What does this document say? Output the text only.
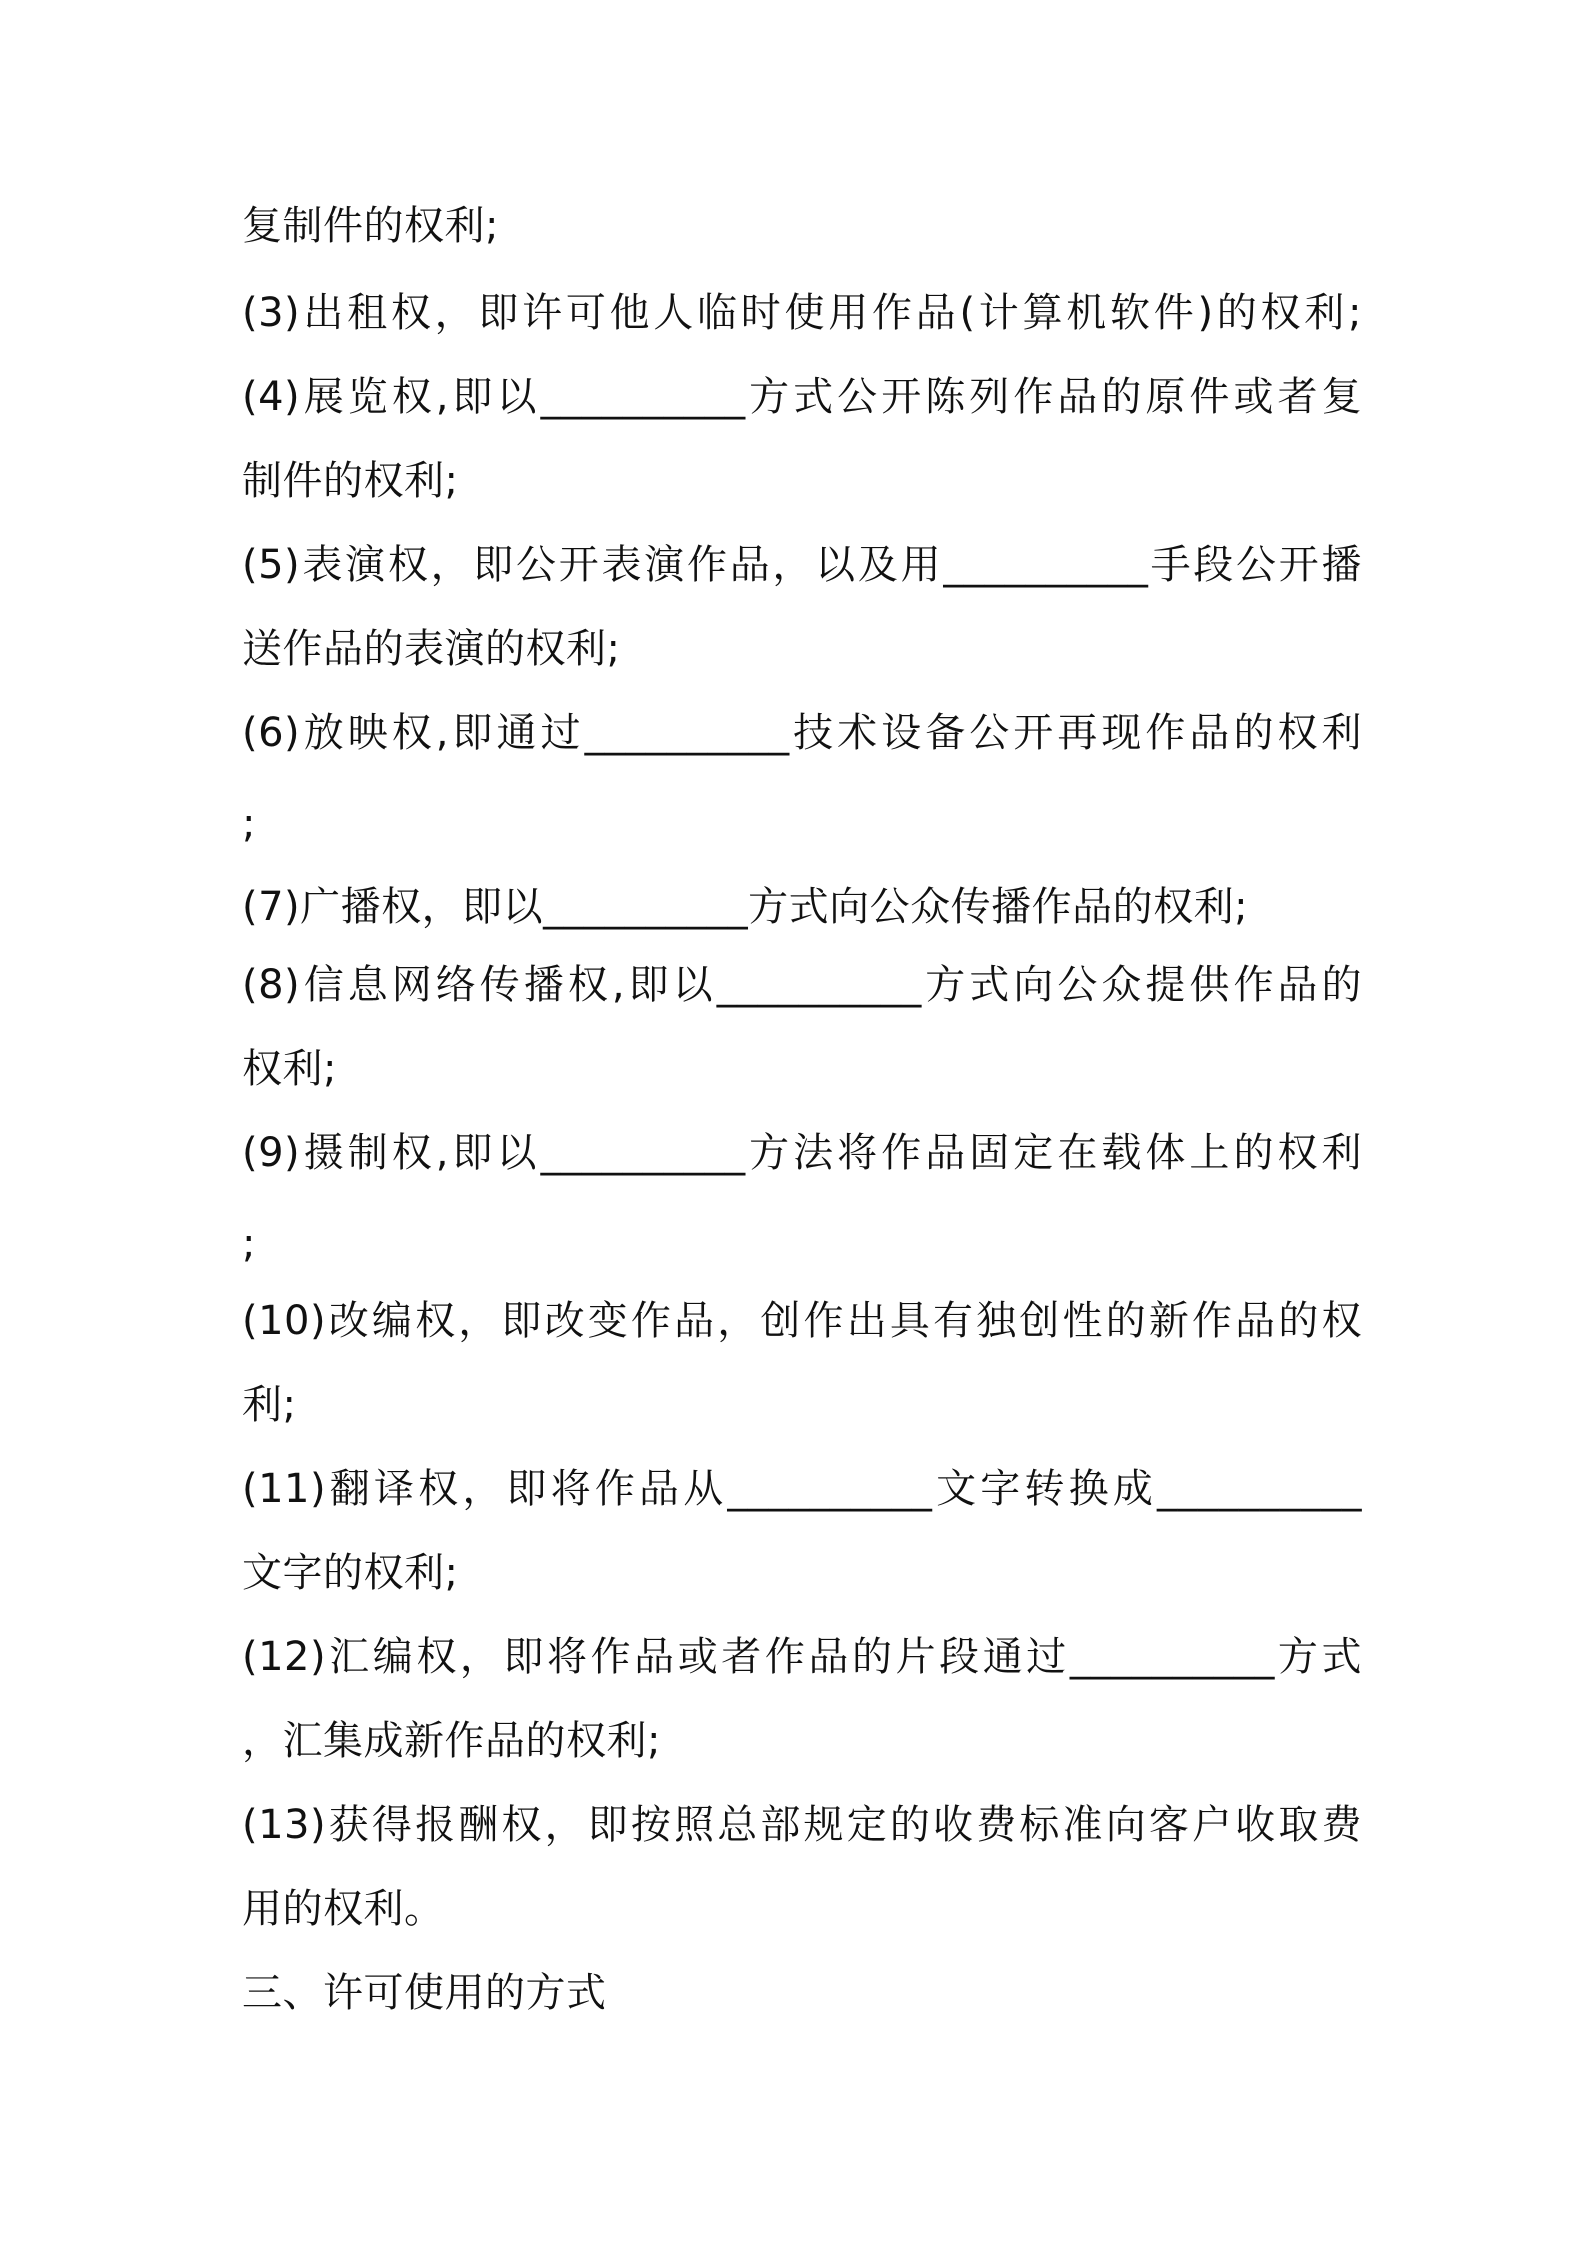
复制件的权利;
(3)出租权，即许可他人临时使用作品(计算机软件)的权利;
(4)展览权,即以__________方式公开陈列作品的原件或者复
制件的权利;
(5)表演权，即公开表演作品，以及用__________手段公开播
送作品的表演的权利;
(6)放映权,即通过__________技术设备公开再现作品的权利
;
(7)广播权，即以__________方式向公众传播作品的权利;
(8)信息网络传播权,即以__________方式向公众提供作品的
权利;
(9)摄制权,即以__________方法将作品固定在载体上的权利
;
(10)改编权，即改变作品，创作出具有独创性的新作品的权
利;
(11)翻译权，即将作品从__________文字转换成__________
文字的权利;
(12)汇编权，即将作品或者作品的片段通过__________方式
，汇集成新作品的权利;
(13)获得报酬权，即按照总部规定的收费标准向客户收取费
用的权利。
三、许可使用的方式
